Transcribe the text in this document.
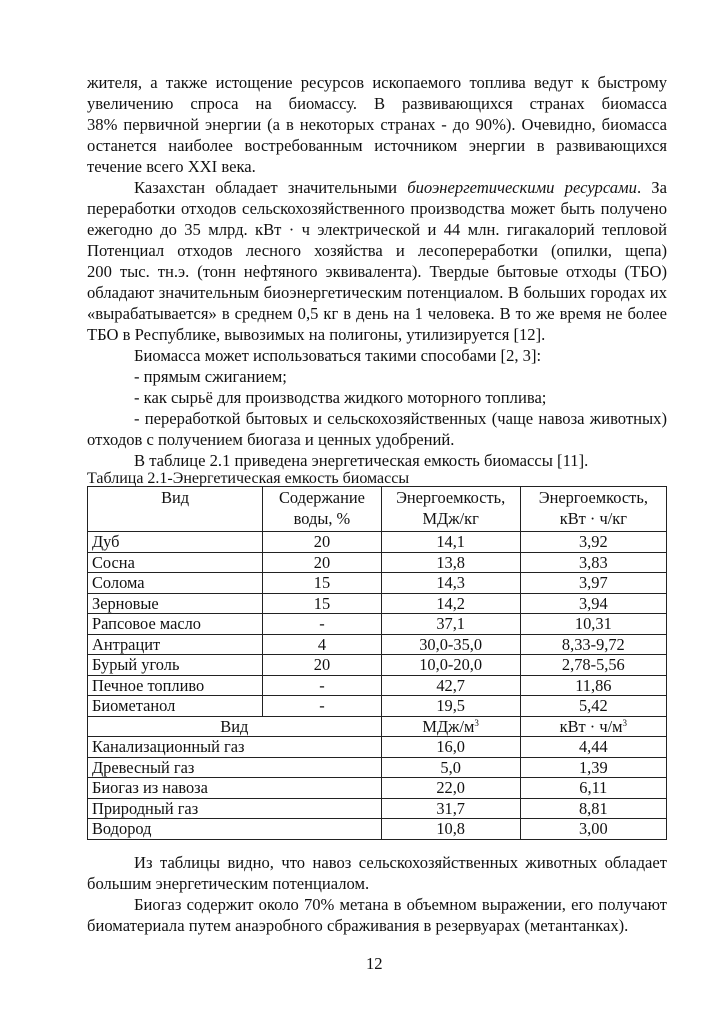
жителя, а также истощение ресурсов ископаемого топлива ведут к быстрому
увеличению спроса на биомассу. В развивающихся странах биомасса
38% первичной энергии (а в некоторых странах - до 90%). Очевидно, биомасса
останется наиболее востребованным источником энергии в развивающихся
течение всего XXI века.
Казахстан обладает значительными биоэнергетическими ресурсами. За
переработки отходов сельскохозяйственного производства может быть получено
ежегодно до 35 млрд. кВт · ч электрической и 44 млн. гигакалорий тепловой
Потенциал отходов лесного хозяйства и лесопереработки (опилки, щепа)
200 тыс. тн.э. (тонн нефтяного эквивалента). Твердые бытовые отходы (ТБО)
обладают значительным биоэнергетическим потенциалом. В больших городах их
«вырабатывается» в среднем 0,5 кг в день на 1 человека. В то же время не более
ТБО в Республике, вывозимых на полигоны, утилизируется [12].
Биомасса может использоваться такими способами [2, 3]:
- прямым сжиганием;
- как сырьё для производства жидкого моторного топлива;
- переработкой бытовых и сельскохозяйственных (чаще навоза животных)
отходов с получением биогаза и ценных удобрений.
В таблице 2.1 приведена энергетическая емкость биомассы [11].
Таблица 2.1-Энергетическая емкость биомассы
Вид	Содержание воды, %	Энергоемкость, МДж/кг	Энергоемкость, кВт · ч/кг
Дуб	20	14,1	3,92
Сосна	20	13,8	3,83
Солома	15	14,3	3,97
Зерновые	15	14,2	3,94
Рапсовое масло	-	37,1	10,31
Антрацит	4	30,0-35,0	8,33-9,72
Бурый уголь	20	10,0-20,0	2,78-5,56
Печное топливо	-	42,7	11,86
Биометанол	-	19,5	5,42
Вид		МДж/$м^3$	кВт · $ч/м^3$
Канализационный газ		16,0	4,44
Древесный газ		5,0	1,39
Биогаз из навоза		22,0	6,11
Природный газ		31,7	8,81
Водород		10,8	3,00
Из таблицы видно, что навоз сельскохозяйственных животных обладает
большим энергетическим потенциалом.
Биогаз содержит около 70% метана в объемном выражении, его получают
биоматериала путем анаэробного сбраживания в резервуарах (метантанках).
12
